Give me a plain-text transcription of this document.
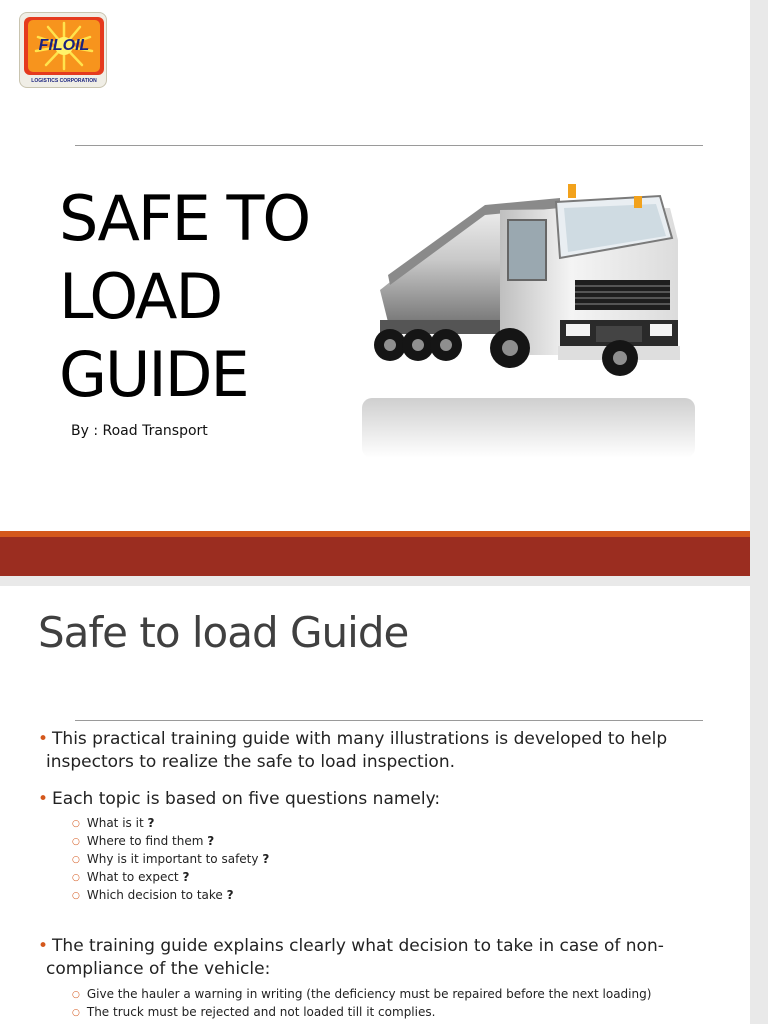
FILOIL
LOGISTICS CORPORATION
SAFE TO
LOAD
GUIDE
By : Road Transport
Safe to load Guide
• This practical training guide with many illustrations is developed to help
inspectors to realize the safe to load inspection.
• Each topic is based on five questions namely:
○ What is it ?
○ Where to find them ?
○ Why is it important to safety ?
○ What to expect ?
○ Which decision to take ?
• The training guide explains clearly what decision to take in case of non-
compliance of the vehicle:
○ Give the hauler a warning in writing (the deficiency must be repaired before the next loading)
○ The truck must be rejected and not loaded till it complies.
